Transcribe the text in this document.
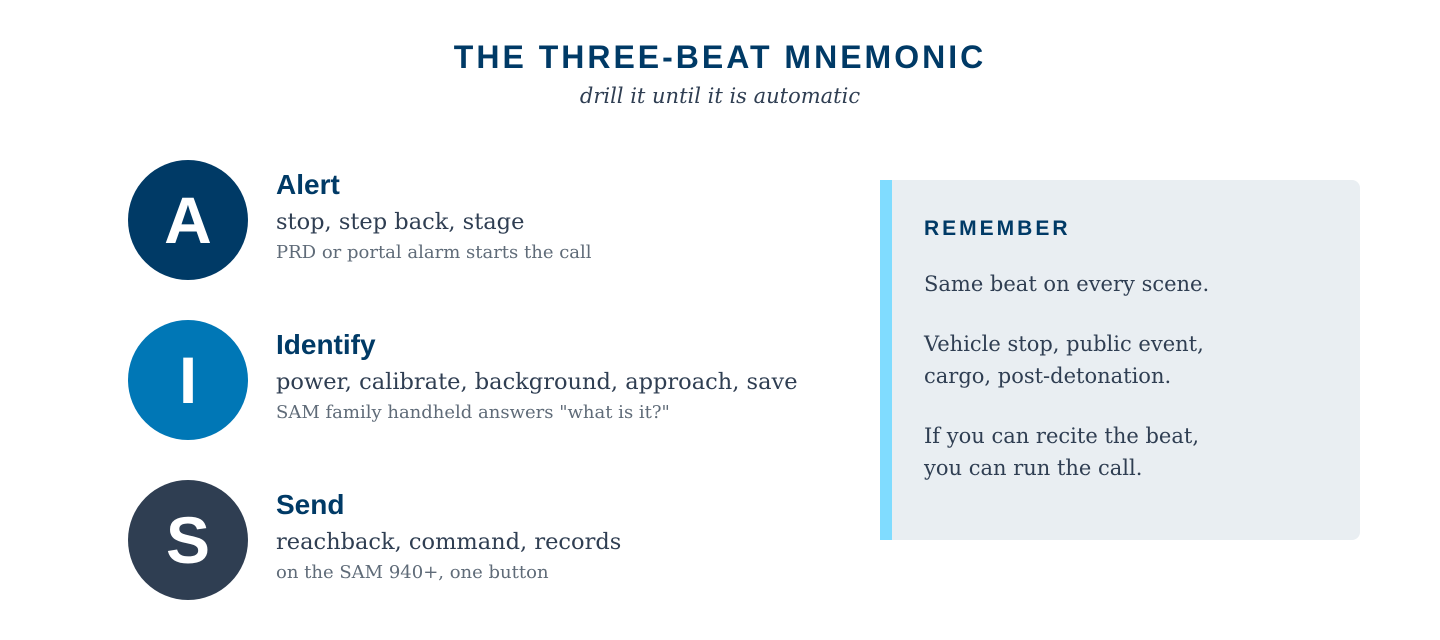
THE THREE-BEAT MNEMONIC
drill it until it is automatic
A	Alert
stop, step back, stage
PRD or portal alarm starts the call
I	Identify
power, calibrate, background, approach, save
SAM family handheld answers "what is it?"
S	Send
reachback, command, records
on the SAM 940+, one button
REMEMBER
Same beat on every scene.
Vehicle stop, public event,
cargo, post-detonation.
If you can recite the beat,
you can run the call.
